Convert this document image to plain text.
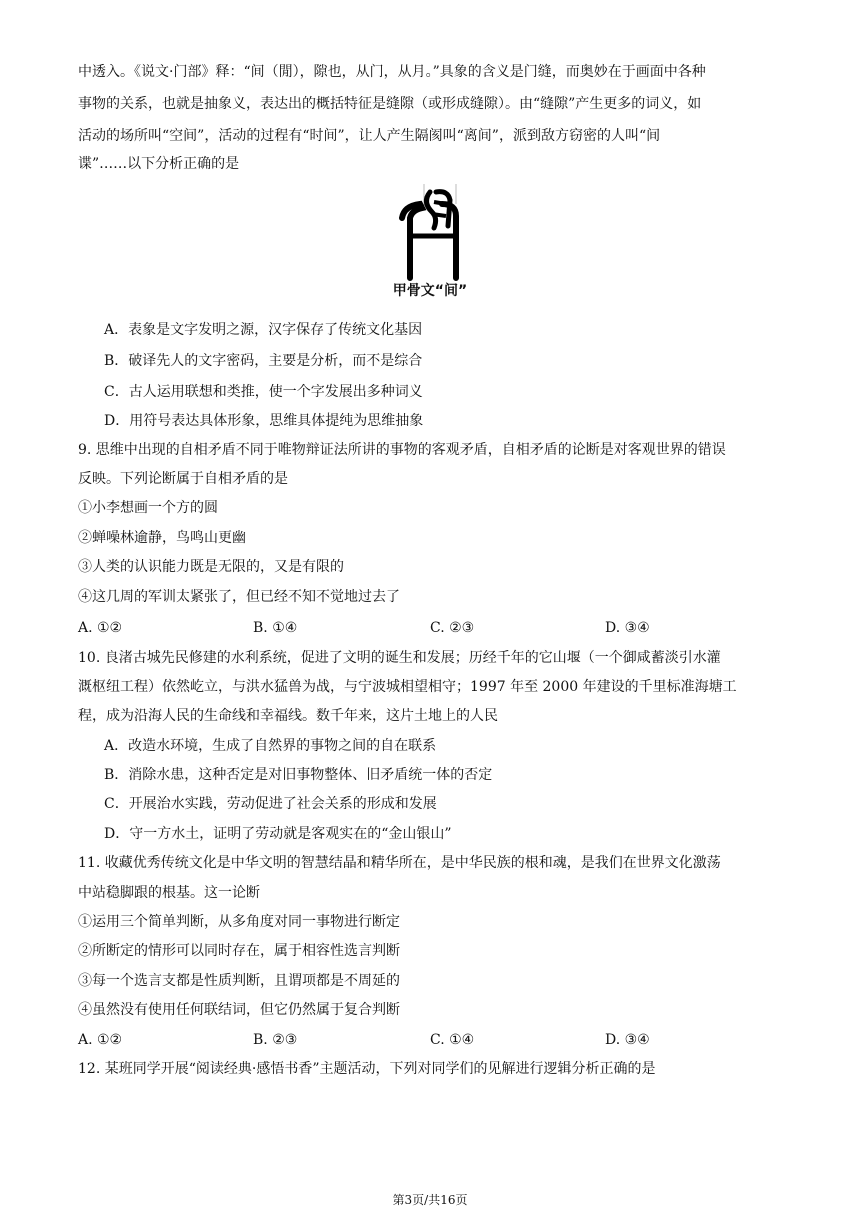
中透入。《说文·门部》释：“间（閒），隙也，从门，从月。”具象的含义是门缝，而奥妙在于画面中各种
事物的关系，也就是抽象义，表达出的概括特征是缝隙（或形成缝隙）。由“缝隙”产生更多的词义，如
活动的场所叫“空间”，活动的过程有“时间”，让人产生隔阂叫“离间”，派到敌方窃密的人叫“间
谍”……以下分析正确的是
甲骨文“间”
A．表象是文字发明之源，汉字保存了传统文化基因
B．破译先人的文字密码，主要是分析，而不是综合
C．古人运用联想和类推，使一个字发展出多种词义
D．用符号表达具体形象，思维具体提纯为思维抽象
9. 思维中出现的自相矛盾不同于唯物辩证法所讲的事物的客观矛盾，自相矛盾的论断是对客观世界的错误
反映。下列论断属于自相矛盾的是
①小李想画一个方的圆
②蝉噪林逾静，鸟鸣山更幽
③人类的认识能力既是无限的，又是有限的
④这几周的军训太紧张了，但已经不知不觉地过去了
A. ①②	B. ①④	C. ②③	D. ③④
10. 良渚古城先民修建的水利系统，促进了文明的诞生和发展；历经千年的它山堰（一个御咸蓄淡引水灌
溉枢纽工程）依然屹立，与洪水猛兽为战，与宁波城相望相守；1997 年至 2000 年建设的千里标准海塘工
程，成为沿海人民的生命线和幸福线。数千年来，这片土地上的人民
A．改造水环境，生成了自然界的事物之间的自在联系
B．消除水患，这种否定是对旧事物整体、旧矛盾统一体的否定
C．开展治水实践，劳动促进了社会关系的形成和发展
D．守一方水土，证明了劳动就是客观实在的“金山银山”
11. 收藏优秀传统文化是中华文明的智慧结晶和精华所在，是中华民族的根和魂，是我们在世界文化激荡
中站稳脚跟的根基。这一论断
①运用三个简单判断，从多角度对同一事物进行断定
②所断定的情形可以同时存在，属于相容性选言判断
③每一个选言支都是性质判断，且谓项都是不周延的
④虽然没有使用任何联结词，但它仍然属于复合判断
A. ①②	B. ②③	C. ①④	D. ③④
12. 某班同学开展“阅读经典·感悟书香”主题活动，下列对同学们的见解进行逻辑分析正确的是
第3页/共16页
